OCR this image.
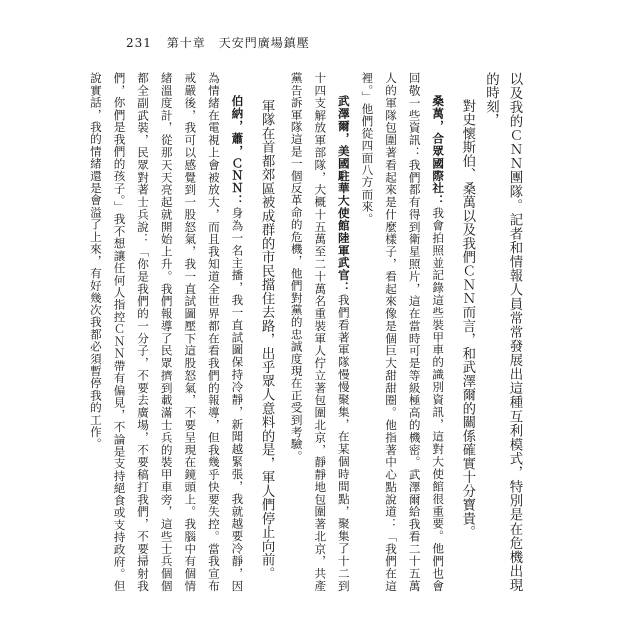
231 第十章　天安門廣場鎮壓

以及我的ＣＮＮ團隊。記者和情報人員常常發展出這種互利模式，特別是在危機出現的時刻，

對史懷斯伯、桑萬以及我們ＣＮＮ而言，和武澤爾的關係確實十分寶貴。

桑萬，合眾國際社：我會拍照並記錄這些裝甲車的識別資訊，這對大使館很重要。他們也會回敬一些資訊：我們都有得到衛星照片，這在當時可是等級極高的機密。武澤爾給我看二十五萬人的軍隊包圍著看起來是什麼樣子，看起來像是個巨大甜甜圈。他指著中心點說道：「我們在這裡。」他們從四面八方而來。

武澤爾，美國駐華大使館陸軍武官：我們看著軍隊慢慢聚集，在某個時間點，聚集了十二到十四支解放軍部隊，大概十五萬至二十萬名重裝軍人佇立著包圍北京，靜靜地包圍著北京，共產黨告訴軍隊這是一個反革命的危機，他們對黨的忠誠度現在正受到考驗。

軍隊在首都郊區被成群的市民擋住去路，出乎眾人意料的是，軍人們停止向前。

伯納，蕭，ＣＮＮ：身為一名主播，我一直試圖保持冷靜，新聞越緊張，我就越要冷靜，因為情緒在電視上會被放大，而且我知道全世界都在看我們的報導，但我幾乎快要失控。當我宣布戒嚴後，我可以感覺到一股怒氣，我一直試圖壓下這股怒氣，不要呈現在鏡頭上。我腦中有個情緒溫度計，從那天天亮起就開始上升。我們報導了民眾擠到載滿士兵的裝甲車旁，這些士兵個個都全副武裝，民眾對著士兵說：「你是我們的一分子，不要去廣場，不要稿打我們，不要掃射我們，你們是我們的孩子。」我不想讓任何人指控ＣＮＮ帶有偏見，不論是支持絕食或支持政府。但說實話，我的情緒還是會溢了上來，有好幾次我都必須暫停我的工作。
